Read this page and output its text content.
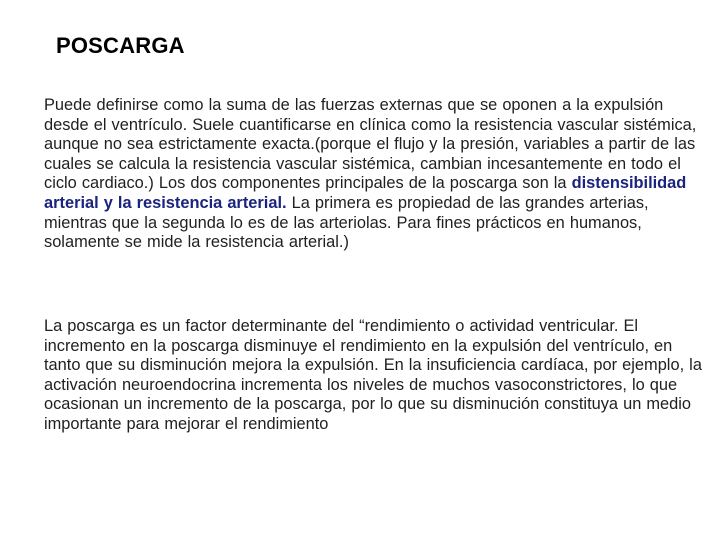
POSCARGA

Puede definirse como la suma de las fuerzas externas que se oponen a la expulsión desde el ventrículo. Suele cuantificarse en clínica como la resistencia vascular sistémica, aunque no sea estrictamente exacta.(porque el flujo y la presión, variables a partir de las cuales se calcula la resistencia vascular sistémica, cambian incesantemente en todo el ciclo cardiaco.) Los dos componentes principales de la poscarga son la distensibilidad arterial y la resistencia arterial. La primera es propiedad de las grandes arterias, mientras que la segunda lo es de las arteriolas. Para fines prácticos en humanos, solamente se mide la resistencia arterial.)

La poscarga es un factor determinante del “rendimiento o actividad ventricular. El incremento en la poscarga disminuye el rendimiento en la expulsión del ventrículo, en tanto que su disminución mejora la expulsión. En la insuficiencia cardíaca, por ejemplo, la activación neuroendocrina incrementa los niveles de muchos vasoconstrictores, lo que ocasionan un incremento de la poscarga, por lo que su disminución constituya un medio importante para mejorar el rendimiento
